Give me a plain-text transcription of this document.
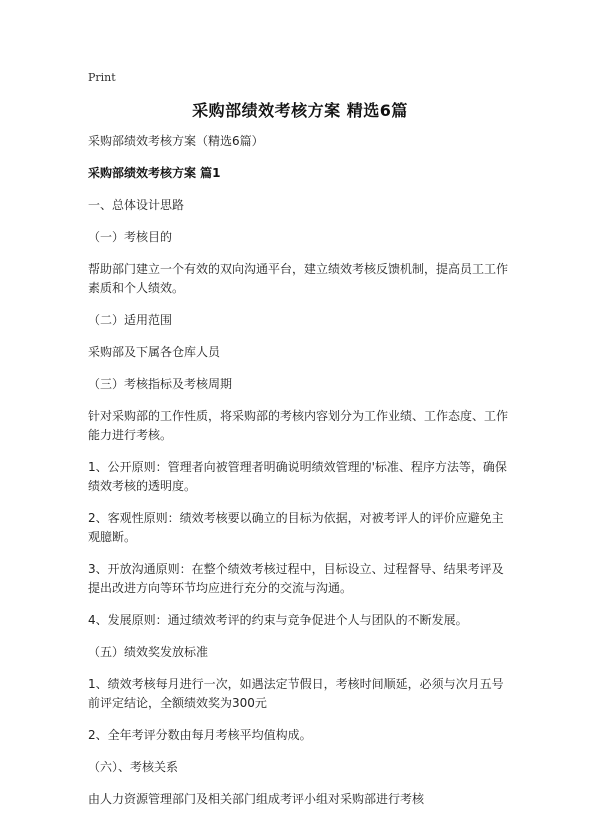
Print
采购部绩效考核方案 精选6篇

采购部绩效考核方案（精选6篇）

采购部绩效考核方案 篇1

一、总体设计思路

（一）考核目的

帮助部门建立一个有效的双向沟通平台，建立绩效考核反馈机制，提高员工工作素质和个人绩效。

（二）适用范围

采购部及下属各仓库人员

（三）考核指标及考核周期

针对采购部的工作性质，将采购部的考核内容划分为工作业绩、工作态度、工作能力进行考核。

1、公开原则：管理者向被管理者明确说明绩效管理的'标准、程序方法等，确保绩效考核的透明度。

2、客观性原则：绩效考核要以确立的目标为依据，对被考评人的评价应避免主观臆断。

3、开放沟通原则：在整个绩效考核过程中，目标设立、过程督导、结果考评及提出改进方向等环节均应进行充分的交流与沟通。

4、发展原则：通过绩效考评的约束与竞争促进个人与团队的不断发展。

（五）绩效奖发放标准

1、绩效考核每月进行一次，如遇法定节假日，考核时间顺延，必须与次月五号前评定结论，全额绩效奖为300元

2、全年考评分数由每月考核平均值构成。

（六）、考核关系

由人力资源管理部门及相关部门组成考评小组对采购部进行考核
